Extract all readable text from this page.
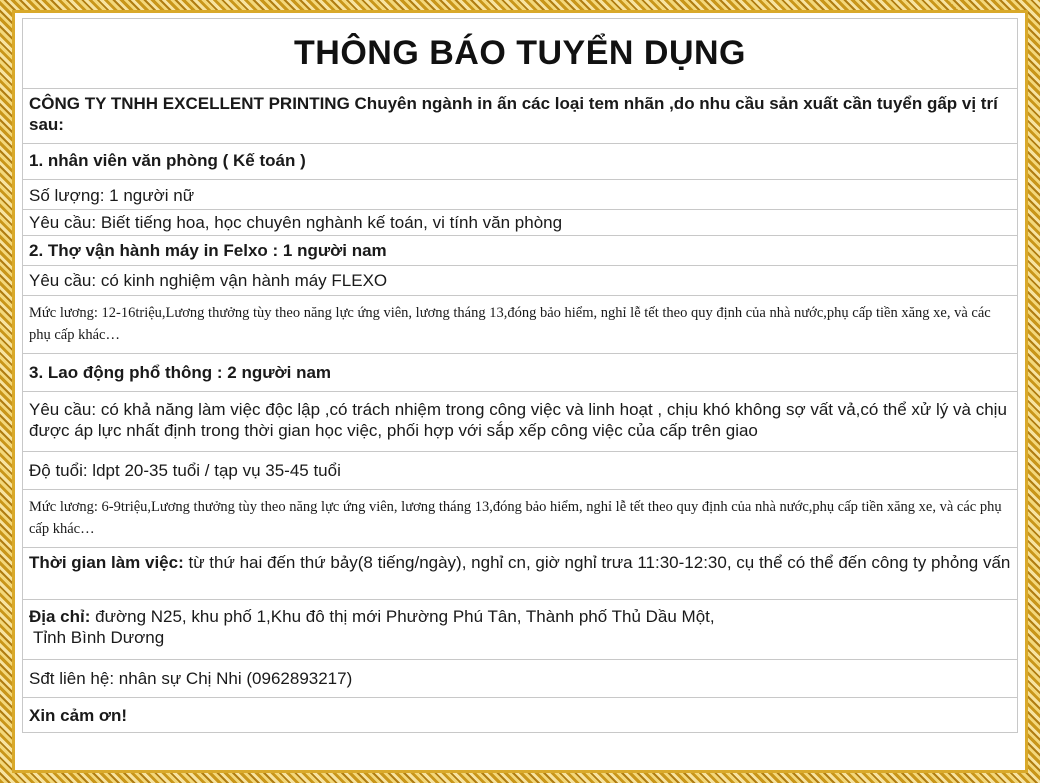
THÔNG BÁO TUYỂN DỤNG
CÔNG TY TNHH EXCELLENT PRINTING Chuyên ngành in ấn các loại tem nhãn ,do nhu cầu sản xuất cần tuyển gấp vị trí sau:
1. nhân viên văn phòng ( Kế toán )
Số lượng: 1 người nữ
Yêu cầu: Biết tiếng hoa, học chuyên nghành kế toán, vi tính văn phòng
2. Thợ vận hành máy in Felxo : 1 người nam
Yêu cầu: có kinh nghiệm vận hành máy FLEXO
Mức lương: 12-16triệu,Lương thưởng tùy theo năng lực ứng viên, lương tháng 13,đóng bảo hiểm, nghỉ lễ tết theo quy định của nhà nước,phụ cấp tiền xăng xe, và các phụ cấp khác…
3. Lao động phổ thông : 2 người nam
Yêu cầu: có khả năng làm việc độc lập ,có trách nhiệm trong công việc và linh hoạt , chịu khó không sợ vất vả,có thể xử lý và chịu được áp lực nhất định trong thời gian học việc, phối hợp với sắp xếp công việc của cấp trên giao
Độ tuổi: ldpt 20-35 tuổi / tạp vụ 35-45 tuổi
Mức lương: 6-9triệu,Lương thưởng tùy theo năng lực ứng viên, lương tháng 13,đóng bảo hiểm, nghỉ lễ tết theo quy định của nhà nước,phụ cấp tiền xăng xe, và các phụ cấp khác…
Thời gian làm việc: từ thứ hai đến thứ bảy(8 tiếng/ngày), nghỉ cn, giờ nghỉ trưa 11:30-12:30, cụ thể có thể đến công ty phỏng vấn
Địa chỉ: đường N25, khu phố 1,Khu đô thị mới Phường Phú Tân, Thành phố Thủ Dầu Một,
Tỉnh Bình Dương
Sđt liên hệ: nhân sự Chị Nhi (0962893217)
Xin cảm ơn!
